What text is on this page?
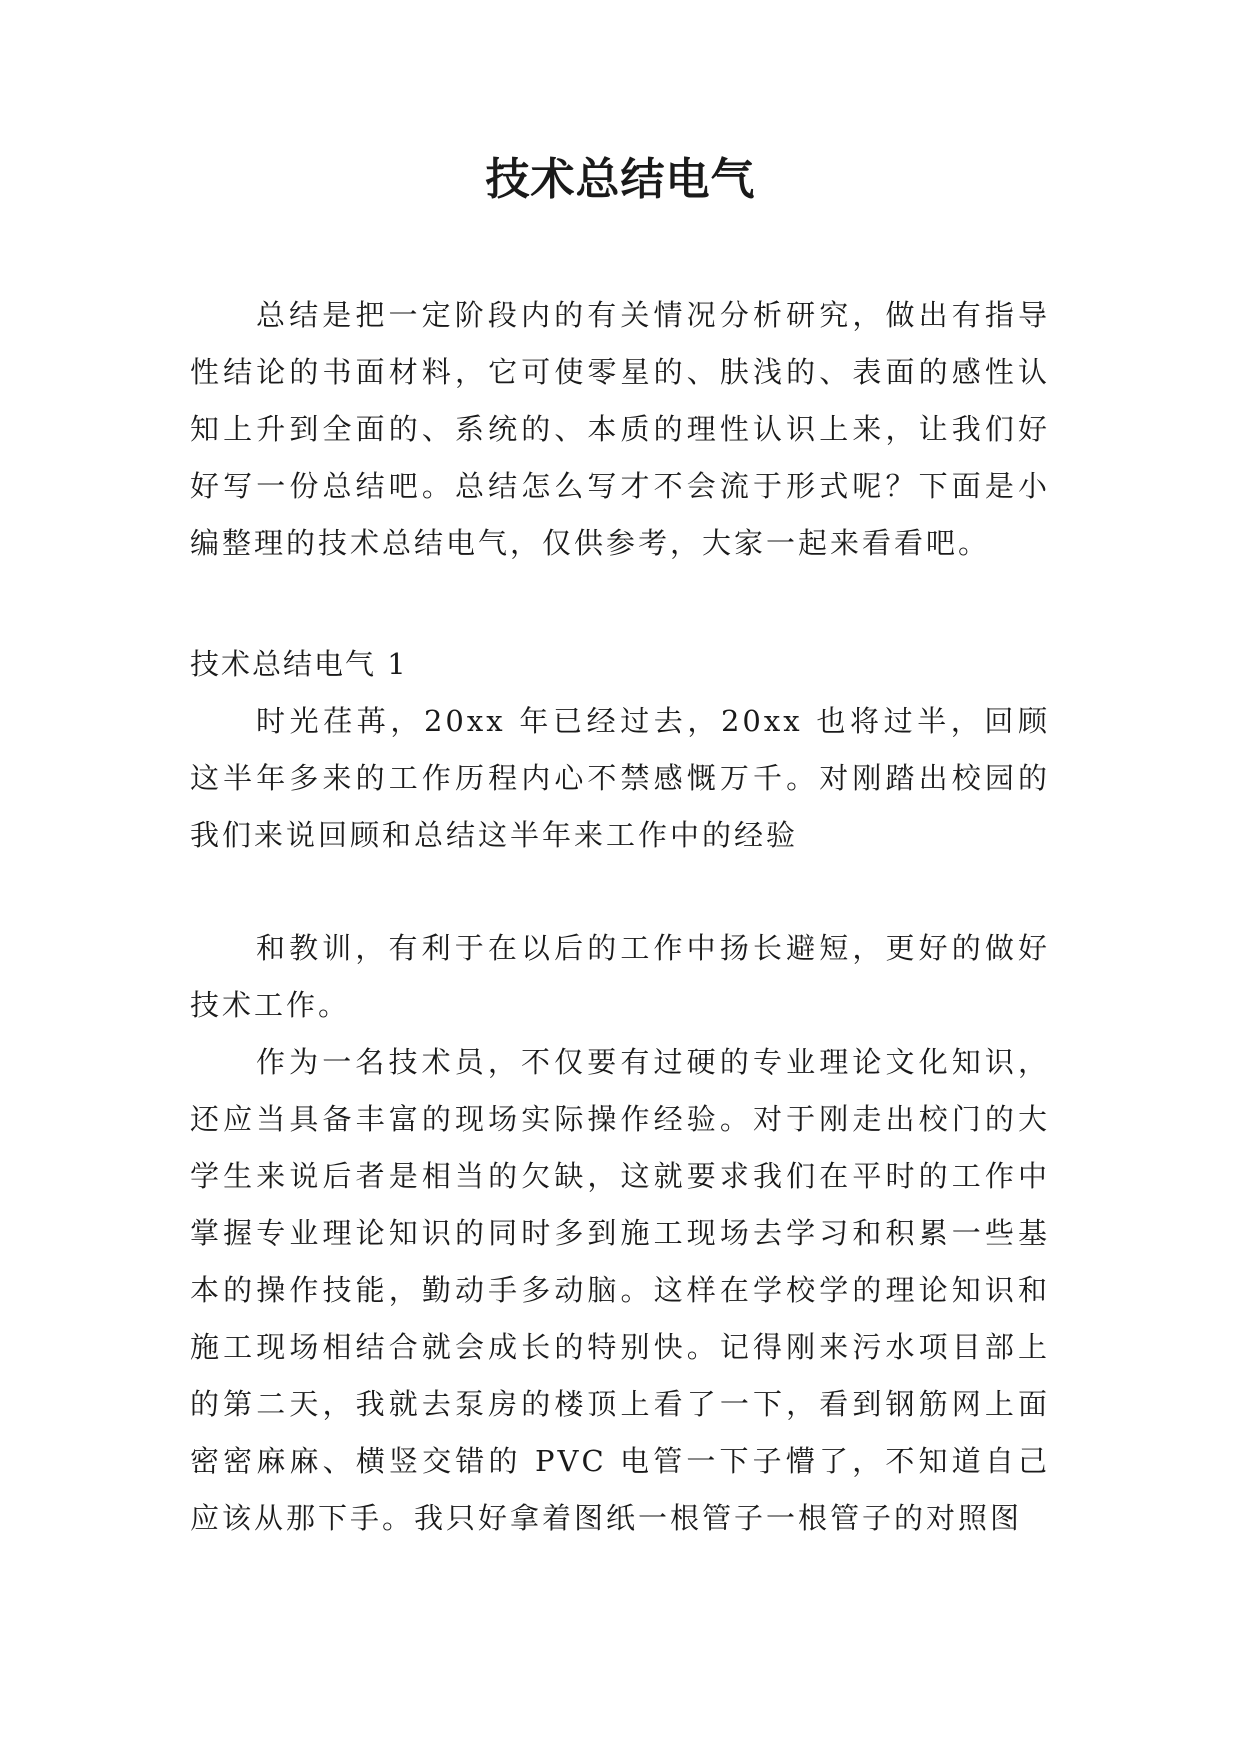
技术总结电气

总结是把一定阶段内的有关情况分析研究，做出有指导性结论的书面材料，它可使零星的、肤浅的、表面的感性认知上升到全面的、系统的、本质的理性认识上来，让我们好好写一份总结吧。总结怎么写才不会流于形式呢？下面是小编整理的技术总结电气，仅供参考，大家一起来看看吧。

技术总结电气 1

时光荏苒，20xx 年已经过去，20xx 也将过半，回顾这半年多来的工作历程内心不禁感慨万千。对刚踏出校园的我们来说回顾和总结这半年来工作中的经验

和教训，有利于在以后的工作中扬长避短，更好的做好技术工作。

作为一名技术员，不仅要有过硬的专业理论文化知识，还应当具备丰富的现场实际操作经验。对于刚走出校门的大学生来说后者是相当的欠缺，这就要求我们在平时的工作中掌握专业理论知识的同时多到施工现场去学习和积累一些基本的操作技能，勤动手多动脑。这样在学校学的理论知识和施工现场相结合就会成长的特别快。记得刚来污水项目部上的第二天，我就去泵房的楼顶上看了一下，看到钢筋网上面密密麻麻、横竖交错的 PVC 电管一下子懵了，不知道自己应该从那下手。我只好拿着图纸一根管子一根管子的对照图
